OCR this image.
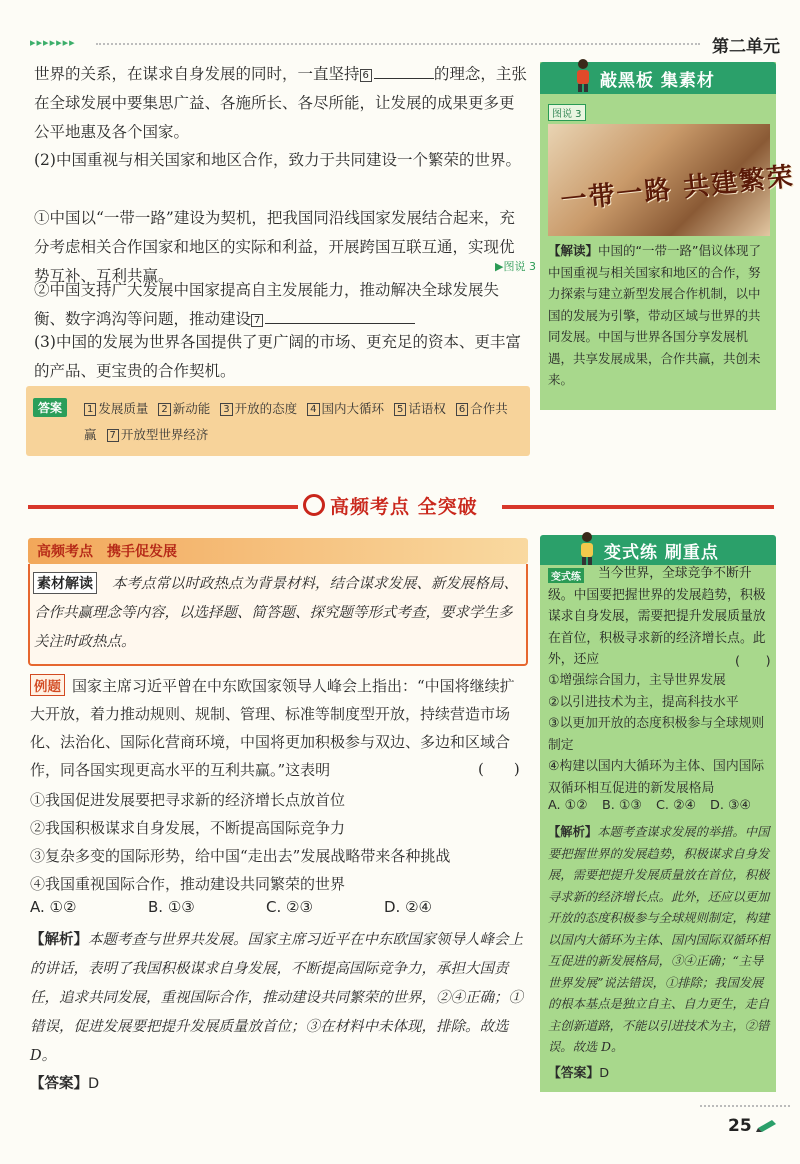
▸▸▸▸▸▸▸	第二单元
世界的关系，在谋求自身发展的同时，一直坚持 6	的理念，主张在全球发展中要集思广益、各施所长、各尽所能，让发展的成果更多更公平地惠及各个国家。
(2)中国重视与相关国家和地区合作，致力于共同建设一个繁荣的世界。
①中国以“一带一路”建设为契机，把我国同沿线国家发展结合起来，充分考虑相关合作国家和地区的实际和利益，开展跨国互联互通，实现优势互补、互利共赢。
▶图说 3
②中国支持广大发展中国家提高自主发展能力，推动解决全球发展失衡、数字鸿沟等问题，推动建设 7
(3)中国的发展为世界各国提供了更广阔的市场、更充足的资本、更丰富的产品、更宝贵的合作契机。
答案	1 发展质量 2 新动能 3 开放的态度 4 国内大循环 5 话语权 6 合作共赢 7 开放型世界经济
敲黑板 集素材
图说 3
一带一路 共建繁荣
【解读】中国的“一带一路”倡议体现了中国重视与相关国家和地区的合作，努力探索与建立新型发展合作机制，以中国的发展为引擎，带动区域与世界的共同发展。中国与世界各国分享发展机遇，共享发展成果，合作共赢，共创未来。
高频考点 全突破
高频考点　携手促发展
本考点常以时政热点为背景材料，结合谋求发展、新发展格局、合作共赢理念等内容，以选择题、简答题、探究题等形式考查，要求学生多关注时政热点。
素材解读
国家主席习近平曾在中东欧国家领导人峰会上指出：“中国将继续扩大开放，着力推动规则、规制、管理、标准等制度型开放，持续营造市场化、法治化、国际化营商环境，中国将更加积极参与双边、多边和区域合作，同各国实现更高水平的互利共赢。”这表明
例题
(　　)
①我国促进发展要把寻求新的经济增长点放首位
②我国积极谋求自身发展，不断提高国际竞争力
③复杂多变的国际形势，给中国“走出去”发展战略带来各种挑战
④我国重视国际合作，推动建设共同繁荣的世界
A. ①②	B. ①③	C. ②③	D. ②④
【解析】本题考查与世界共发展。国家主席习近平在中东欧国家领导人峰会上的讲话，表明了我国积极谋求自身发展，不断提高国际竞争力，承担大国责任，追求共同发展，重视国际合作，推动建设共同繁荣的世界，②④正确；①错误，促进发展要把提升发展质量放首位；③在材料中未体现，排除。故选 D。
【答案】D
变式练 刷重点
当今世界，全球竞争不断升级。中国要把握世界的发展趋势，积极谋求自身发展，需要把提升发展质量放在首位，积极寻求新的经济增长点。此外，还应
变式练
(　　)
①增强综合国力，主导世界发展
②以引进技术为主，提高科技水平
③以更加开放的态度积极参与全球规则制定
④构建以国内大循环为主体、国内国际双循环相互促进的新发展格局
A. ①② B. ①③ C. ②④ D. ③④
【解析】本题考查谋求发展的举措。中国要把握世界的发展趋势，积极谋求自身发展，需要把提升发展质量放在首位，积极寻求新的经济增长点。此外，还应以更加开放的态度积极参与全球规则制定，构建以国内大循环为主体、国内国际双循环相互促进的新发展格局，③④正确；“主导世界发展”说法错误，①排除；我国发展的根本基点是独立自主、自力更生，走自主创新道路，不能以引进技术为主，②错误。故选 D。
【答案】D
25
